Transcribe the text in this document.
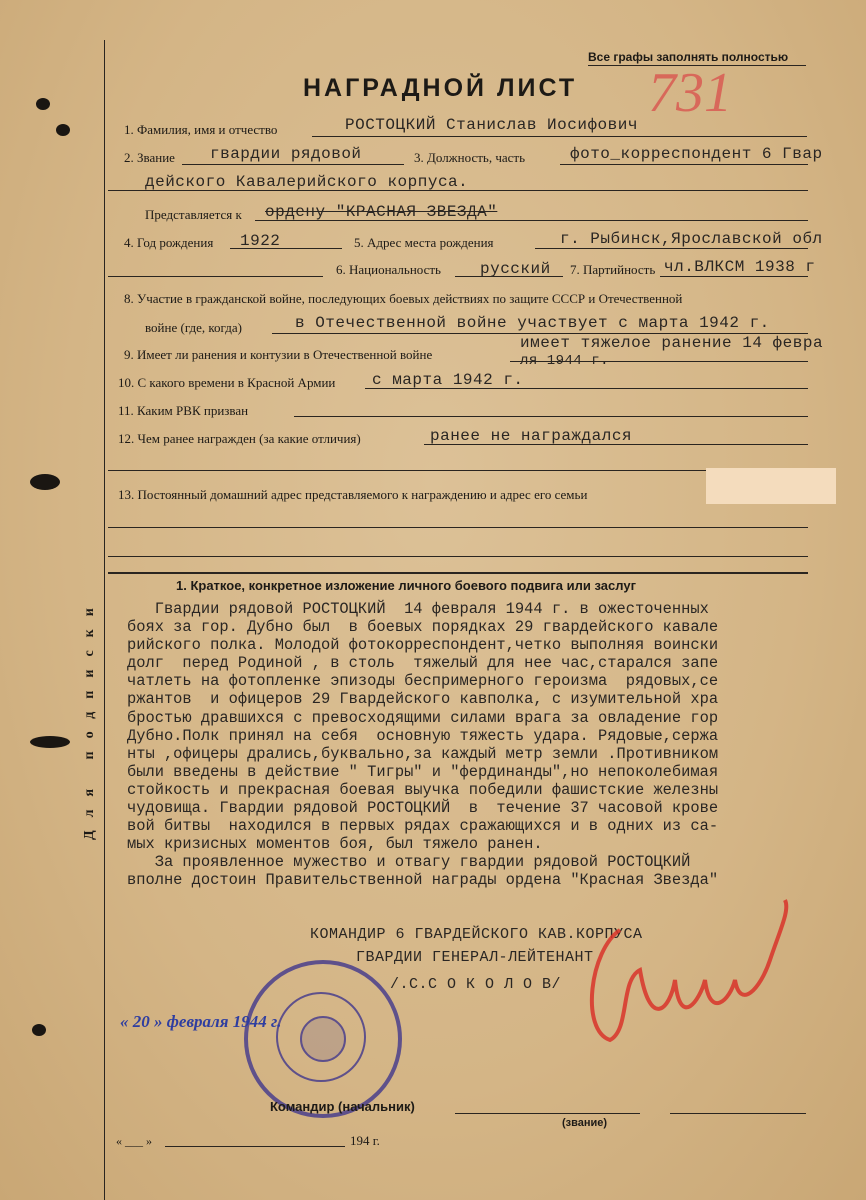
Для подписки
Все графы заполнять полностью
НАГРАДНОЙ ЛИСТ 731
1. Фамилия, имя и отчество	РОСТОЦКИЙ Станислав Иосифович
2. Звание гвардии рядовой	3. Должность, часть	фото_корреспондент 6 Гвар
дейского Кавалерийского корпуса.
Представляется к ордену "КРАСНАЯ ЗВЕЗДА"
4. Год рождения 1922	5. Адрес места рождения	г. Рыбинск,Ярославской обл
6. Национальность русский 7. Партийность чл.ВЛКСМ 1938 г
8. Участие в гражданской войне, последующих боевых действиях по защите СССР и Отечественной
войне (где, когда)	в Отечественной войне участвует с марта 1942 г.
9. Имеет ли ранения и контузии в Отечественной войне
имеет тяжелое ранение 14 февра
ля 1944 г.
10. С какого времени в Красной Армии с марта 1942 г.
11. Каким РВК призван
12. Чем ранее награжден (за какие отличия)	ранее не награждался
13. Постоянный домашний адрес представляемого к награждению и адрес его семьи
1. Краткое, конкретное изложение личного боевого подвига или заслуг
Гвардии рядовой РОСТОЦКИЙ  14 февраля 1944 г. в ожесточенных
боях за гор. Дубно был  в боевых порядках 29 гвардейского кавале
рийского полка. Молодой фотокорреспондент,четко выполняя воински
долг  перед Родиной , в столь  тяжелый для нее час,старался запе
чатлеть на фотопленке эпизоды беспримерного героизма  рядовых,се
ржантов  и офицеров 29 Гвардейского кавполка, с изумительной хра
бростью дравшихся с превосходящими силами врага за овладение гор
Дубно.Полк принял на себя  основную тяжесть удара. Рядовые,сержа
нты ,офицеры дрались,буквально,за каждый метр земли .Противником
были введены в действие " Тигры" и "фердинанды",но непоколебимая
стойкость и прекрасная боевая выучка победили фашистские железны
чудовища. Гвардии рядовой РОСТОЦКИЙ  в  течение 37 часовой крове
вой битвы  находился в первых рядах сражающихся и в одних из са-
мых кризисных моментов боя, был тяжело ранен.
За проявленное мужество и отвагу гвардии рядовой РОСТОЦКИЙ
вполне достоин Правительственной награды ордена "Красная Звезда"
КОМАНДИР 6 ГВАРДЕЙСКОГО КАВ.КОРПУСА
ГВАРДИИ ГЕНЕРАЛ-ЛЕЙТЕНАНТ
/.С.С О К О Л О В/
« 20 » февраля 1944 г.
Командир (начальник)
(звание)
« ___ »	194 г.
